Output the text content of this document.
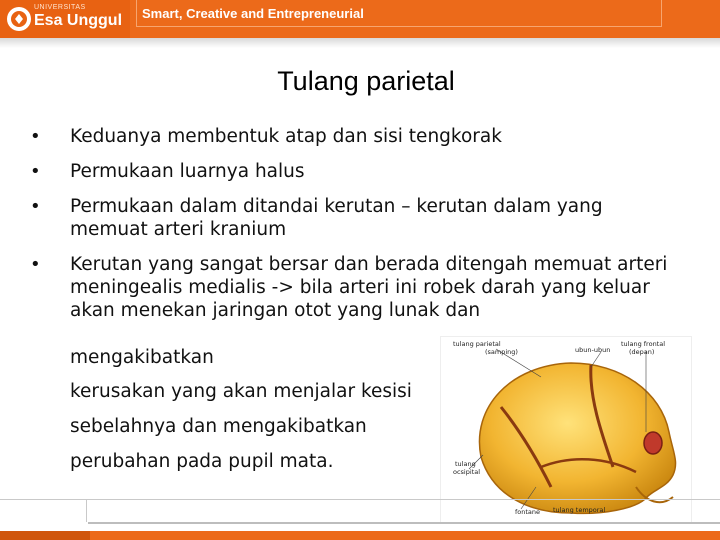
UNIVERSITAS
Esa Unggul Smart, Creative and Entrepreneurial
Tulang parietal
• Keduanya membentuk atap dan sisi tengkorak
• Permukaan luarnya halus
• Permukaan dalam ditandai kerutan – kerutan dalam yang memuat arteri kranium
• Kerutan yang sangat bersar dan berada ditengah memuat arteri meningealis medialis -> bila arteri ini robek darah yang keluar akan menekan jaringan otot yang lunak dan
mengakibatkan
kerusakan yang akan menjalar kesisi
sebelahnya dan mengakibatkan
perubahan pada pupil mata.
tulang parietal
(samping)	ubun-ubun
tulang frontal
(depan)
tulang
ocsipital
fontane tulang temporal
